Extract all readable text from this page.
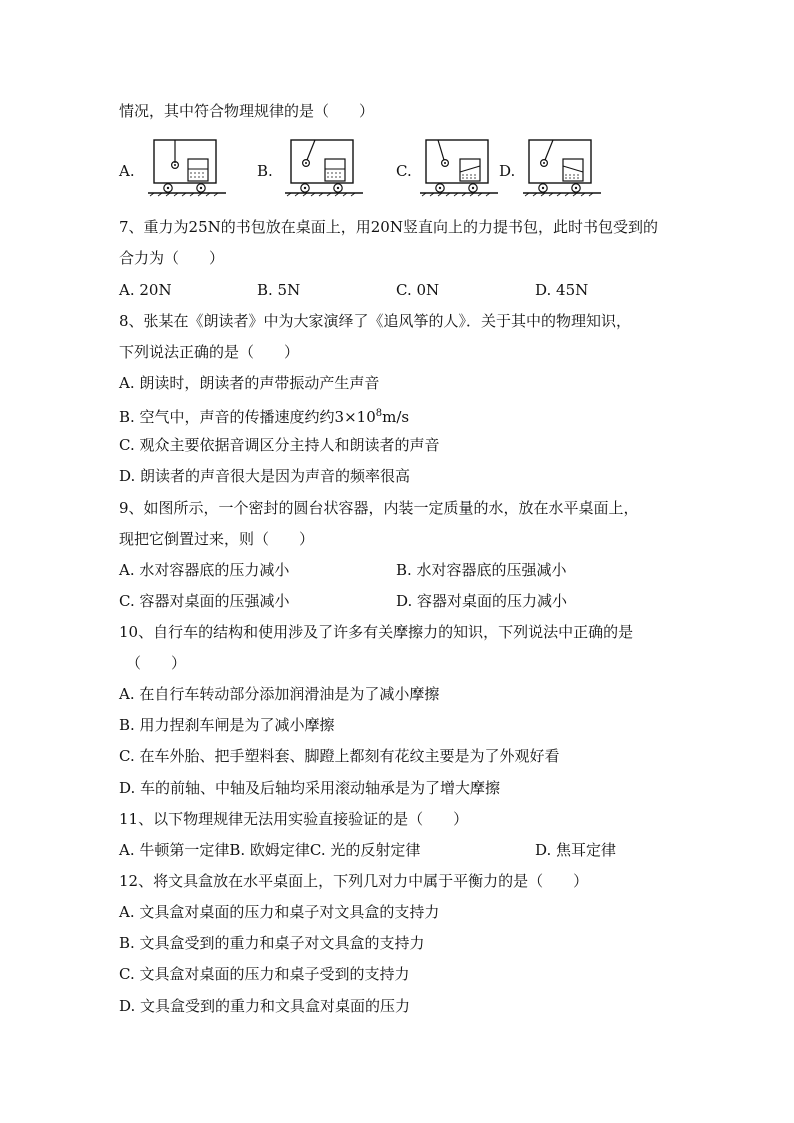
情况，其中符合物理规律的是（　　）
A.	B.	C.	D.
7、重力为25N的书包放在桌面上，用20N竖直向上的力提书包，此时书包受到的
合力为（　　）
A. 20N	B. 5N	C. 0N	D. 45N
8、张某在《朗读者》中为大家演绎了《追风筝的人》．关于其中的物理知识，
下列说法正确的是（　　）
A. 朗读时，朗读者的声带振动产生声音
B. 空气中，声音的传播速度约约$3\times 10^8m/s$
C. 观众主要依据音调区分主持人和朗读者的声音
D. 朗读者的声音很大是因为声音的频率很高
9、如图所示，一个密封的圆台状容器，内装一定质量的水，放在水平桌面上，
现把它倒置过来，则（　　）
A. 水对容器底的压力减小	B. 水对容器底的压强减小
C. 容器对桌面的压强减小	D. 容器对桌面的压力减小
10、自行车的结构和使用涉及了许多有关摩擦力的知识，下列说法中正确的是
（　　）
A. 在自行车转动部分添加润滑油是为了减小摩擦
B. 用力捏刹车闸是为了减小摩擦
C. 在车外胎、把手塑料套、脚蹬上都刻有花纹主要是为了外观好看
D. 车的前轴、中轴及后轴均采用滚动轴承是为了增大摩擦
11、以下物理规律无法用实验直接验证的是（　　）
A. 牛顿第一定律B. 欧姆定律C. 光的反射定律	D. 焦耳定律
12、将文具盒放在水平桌面上，下列几对力中属于平衡力的是（　　）
A. 文具盒对桌面的压力和桌子对文具盒的支持力
B. 文具盒受到的重力和桌子对文具盒的支持力
C. 文具盒对桌面的压力和桌子受到的支持力
D. 文具盒受到的重力和文具盒对桌面的压力
